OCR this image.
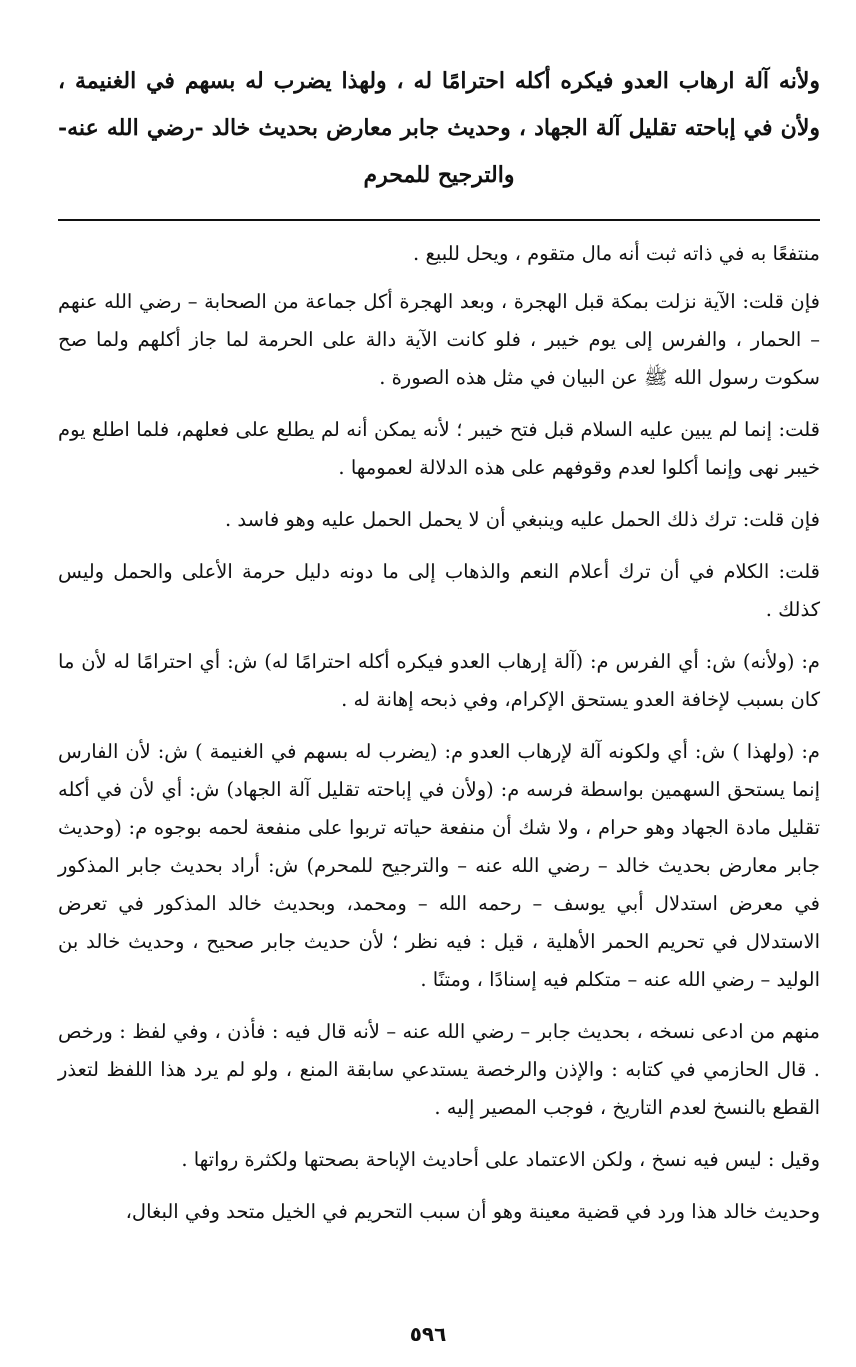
ولأنه آلة ارهاب العدو فيكره أكله احترامًا له ، ولهذا يضرب له بسهم في الغنيمة ، ولأن في إباحته تقليل آلة الجهاد ، وحديث جابر معارض بحديث خالد -رضي الله عنه- والترجيح للمحرم

منتفعًا به في ذاته ثبت أنه مال متقوم ، ويحل للبيع .

فإن قلت: الآية نزلت بمكة قبل الهجرة ، وبعد الهجرة أكل جماعة من الصحابة – رضي الله عنهم – الحمار ، والفرس إلى يوم خيبر ، فلو كانت الآية دالة على الحرمة لما جاز أكلهم ولما صح سكوت رسول الله ﷺ عن البيان في مثل هذه الصورة .

قلت: إنما لم يبين عليه السلام قبل فتح خيبر ؛ لأنه يمكن أنه لم يطلع على فعلهم، فلما اطلع يوم خيبر نهى وإنما أكلوا لعدم وقوفهم على هذه الدلالة لعمومها .

فإن قلت: ترك ذلك الحمل عليه وينبغي أن لا يحمل الحمل عليه وهو فاسد .

قلت: الكلام في أن ترك أعلام النعم والذهاب إلى ما دونه دليل حرمة الأعلى والحمل وليس كذلك .

م: (ولأنه) ش: أي الفرس م: (آلة إرهاب العدو فيكره أكله احترامًا له) ش: أي احترامًا له لأن ما كان بسبب لإخافة العدو يستحق الإكرام، وفي ذبحه إهانة له .

م: (ولهذا ) ش: أي ولكونه آلة لإرهاب العدو م: (يضرب له بسهم في الغنيمة ) ش: لأن الفارس إنما يستحق السهمين بواسطة فرسه م: (ولأن في إباحته تقليل آلة الجهاد) ش: أي لأن في أكله تقليل مادة الجهاد وهو حرام ، ولا شك أن منفعة حياته تربوا على منفعة لحمه بوجوه م: (وحديث جابر معارض بحديث خالد – رضي الله عنه – والترجيح للمحرم) ش: أراد بحديث جابر المذكور في معرض استدلال أبي يوسف – رحمه الله – ومحمد، وبحديث خالد المذكور في تعرض الاستدلال في تحريم الحمر الأهلية ، قيل : فيه نظر ؛ لأن حديث جابر صحيح ، وحديث خالد بن الوليد – رضي الله عنه – متكلم فيه إسنادًا ، ومتنًا .

منهم من ادعى نسخه ، بحديث جابر – رضي الله عنه – لأنه قال فيه : فأذن ، وفي لفظ : ورخص . قال الحازمي في كتابه : والإذن والرخصة يستدعي سابقة المنع ، ولو لم يرد هذا اللفظ لتعذر القطع بالنسخ لعدم التاريخ ، فوجب المصير إليه .

وقيل : ليس فيه نسخ ، ولكن الاعتماد على أحاديث الإباحة بصحتها ولكثرة رواتها .

وحديث خالد هذا ورد في قضية معينة وهو أن سبب التحريم في الخيل متحد وفي البغال،

٥٩٦
